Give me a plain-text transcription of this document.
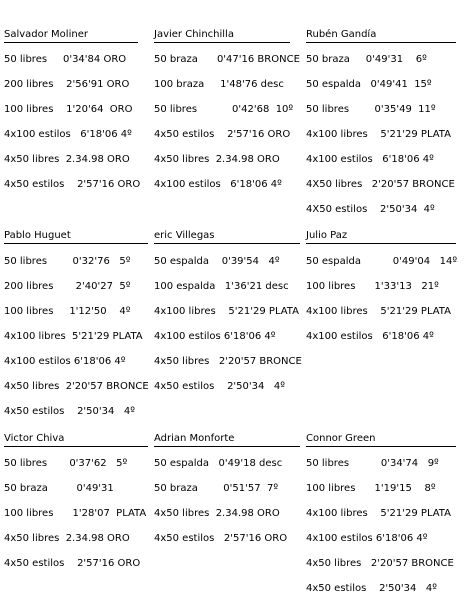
Salvador Moliner
50 libres     0'34'84 ORO
200 libres    2'56'91 ORO
100 libres    1'20'64  ORO
4x100 estilos   6'18'06 4º
4x50 libres  2.34.98 ORO
4x50 estilos    2'57'16 ORO
Javier Chinchilla
50 braza      0'47'16 BRONCE
100 braza     1'48'76 desc
50 libres           0'42'68  10º
4x50 estilos    2'57'16 ORO
4x50 libres  2.34.98 ORO
4x100 estilos   6'18'06 4º
Rubén Gandía
50 braza     0'49'31    6º
50 espalda   0'49'41  15º
50 libres        0'35'49  11º
4x100 libres    5'21'29 PLATA
4x100 estilos   6'18'06 4º
4X50 libres   2'20'57 BRONCE
4X50 estilos    2'50'34  4º
Pablo Huguet
50 libres        0'32'76   5º
200 libres       2'40'27  5º
100 libres     1'12'50    4º
4x100 libres  5'21'29 PLATA
4x100 estilos 6'18'06 4º
4x50 libres  2'20'57 BRONCE
4x50 estilos    2'50'34   4º
eric Villegas
50 espalda    0'39'54   4º
100 espalda   1'36'21 desc
4x100 libres    5'21'29 PLATA
4x100 estilos 6'18'06 4º
4x50 libres   2'20'57 BRONCE
4x50 estilos    2'50'34   4º
Julio Paz
50 espalda          0'49'04   14º
100 libres      1'33'13   21º
4x100 libres    5'21'29 PLATA
4x100 estilos   6'18'06 4º
Victor Chiva
50 libres       0'37'62   5º
50 braza         0'49'31
100 libres      1'28'07  PLATA
4x50 libres  2.34.98 ORO
4x50 estilos    2'57'16 ORO
Adrian Monforte
50 espalda   0'49'18 desc
50 braza        0'51'57  7º
4x50 libres  2.34.98 ORO
4x50 estilos   2'57'16 ORO
Connor Green
50 libres          0'34'74   9º
100 libres      1'19'15    8º
4x100 libres    5'21'29 PLATA
4x100 estilos 6'18'06 4º
4x50 libres   2'20'57 BRONCE
4x50 estilos    2'50'34   4º
